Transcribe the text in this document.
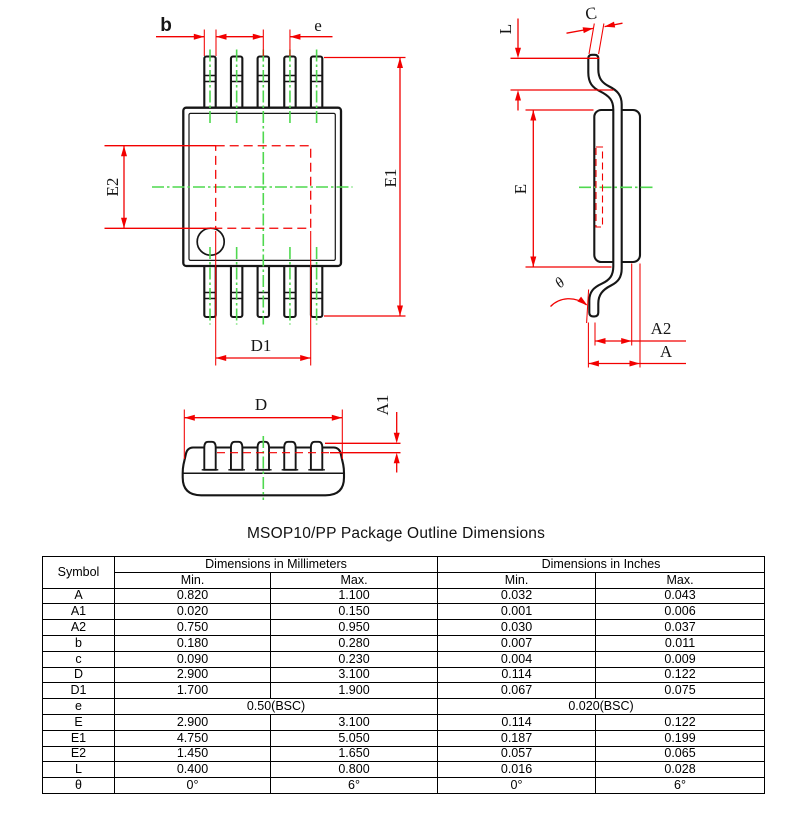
b	e
E1
E2
D1
L
C
E
θ
A2
A
D	A1
MSOP10/PP Package Outline Dimensions
Symbol	Dimensions in Millimeters		Dimensions in Inches	
	Min.	Max.	Min.	Max.
A	0.820	1.100	0.032	0.043
A1	0.020	0.150	0.001	0.006
A2	0.750	0.950	0.030	0.037
b	0.180	0.280	0.007	0.011
c	0.090	0.230	0.004	0.009
D	2.900	3.100	0.114	0.122
D1	1.700	1.900	0.067	0.075
e	0.50(BSC)		0.020(BSC)	
E	2.900	3.100	0.114	0.122
E1	4.750	5.050	0.187	0.199
E2	1.450	1.650	0.057	0.065
L	0.400	0.800	0.016	0.028
θ	0°	6°	0°	6°
